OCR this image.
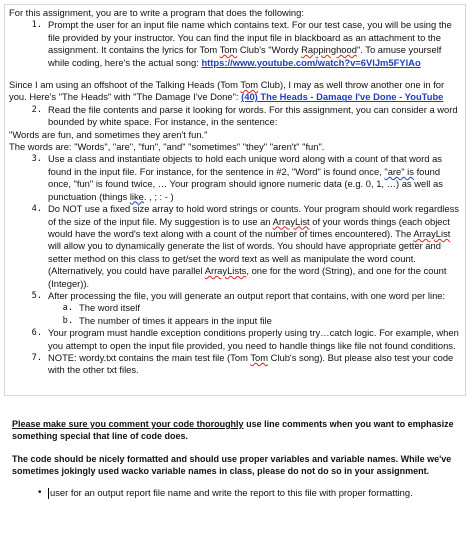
For this assignment, you are to write a program that does the following:

1. Prompt the user for an input file name which contains text. For our test case, you will be using the file provided by your instructor. You can find the input file in blackboard as an attachment to the assignment. It contains the lyrics for Tom Tom Club's "Wordy Rappinghood". To amuse yourself while coding, here's the actual song: https://www.youtube.com/watch?v=6VlJm5FYlAo

Since I am using an offshoot of the Talking Heads (Tom Tom Club), I may as well throw another one in for you. Here's "The Heads" with "The Damage I've Done": (40) The Heads - Damage I've Done - YouTube

2. Read the file contents and parse it looking for words. For this assignment, you can consider a word bounded by white space. For instance, in the sentence:

"Words are fun, and sometimes they aren't fun."

The words are: "Words", "are", "fun", "and" "sometimes" "they" "aren't" "fun".

3. Use a class and instantiate objects to hold each unique word along with a count of that word as found in the input file. For instance, for the sentence in #2, "Word" is found once, "are" is found once, "fun" is found twice, … Your program should ignore numeric data (e.g. 0, 1, …) as well as punctuation (things like. , ; : - )
4. Do NOT use a fixed size array to hold word strings or counts. Your program should work regardless of the size of the input file. My suggestion is to use an ArrayList of your words things (each object would have the word's text along with a count of the number of times encountered). The ArrayList will allow you to dynamically generate the list of words. You should have appropriate getter and setter method on this class to get/set the word text as well as manipulate the word count. (Alternatively, you could have parallel ArrayLists, one for the word (String), and one for the count (Integer)).
5. After processing the file, you will generate an output report that contains, with one word per line:
a. The word itself
b. The number of times it appears in the input file
6. Your program must handle exception conditions properly using try…catch logic. For example, when you attempt to open the input file provided, you need to handle things like file not found conditions.
7. NOTE: wordy.txt contains the main test file (Tom Tom Club's song). But please also test your code with the other txt files.

Please make sure you comment your code thoroughly use line comments when you want to emphasize something special that line of code does.

The code should be nicely formatted and should use proper variables and variable names. While we've sometimes jokingly used wacko variable names in class, please do not do so in your assignment.

• user for an output report file name and write the report to this file with proper formatting.
